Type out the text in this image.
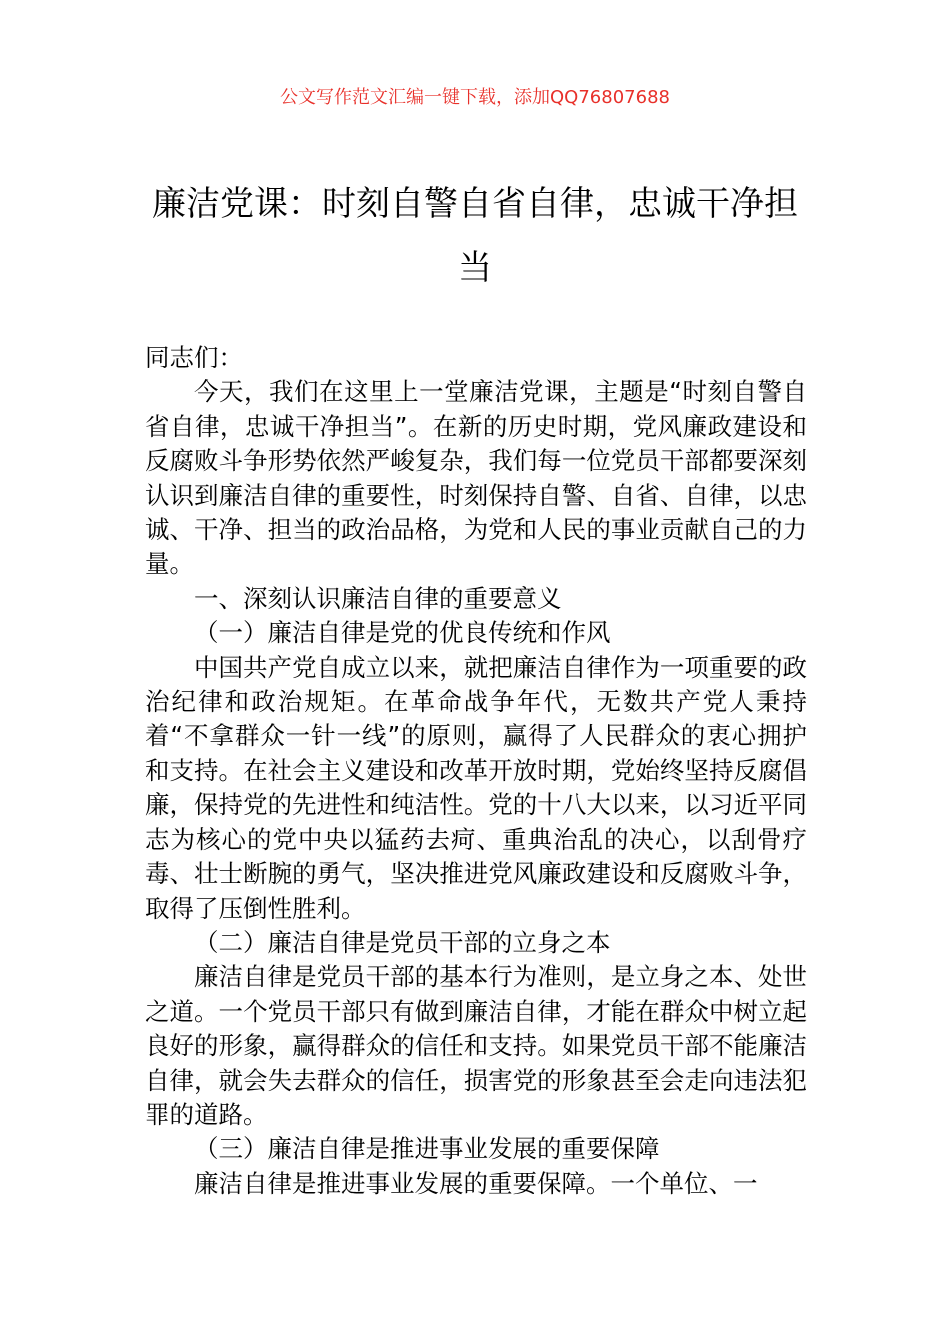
公文写作范文汇编一键下载，添加QQ76807688

廉洁党课：时刻自警自省自律，忠诚干净担当

同志们：

今天，我们在这里上一堂廉洁党课，主题是“时刻自警自省自律，忠诚干净担当”。在新的历史时期，党风廉政建设和反腐败斗争形势依然严峻复杂，我们每一位党员干部都要深刻认识到廉洁自律的重要性，时刻保持自警、自省、自律，以忠诚、干净、担当的政治品格，为党和人民的事业贡献自己的力量。

一、深刻认识廉洁自律的重要意义

（一）廉洁自律是党的优良传统和作风

中国共产党自成立以来，就把廉洁自律作为一项重要的政治纪律和政治规矩。在革命战争年代，无数共产党人秉持着“不拿群众一针一线”的原则，赢得了人民群众的衷心拥护和支持。在社会主义建设和改革开放时期，党始终坚持反腐倡廉，保持党的先进性和纯洁性。党的十八大以来，以习近平同志为核心的党中央以猛药去疴、重典治乱的决心，以刮骨疗毒、壮士断腕的勇气，坚决推进党风廉政建设和反腐败斗争，取得了压倒性胜利。

（二）廉洁自律是党员干部的立身之本

廉洁自律是党员干部的基本行为准则，是立身之本、处世之道。一个党员干部只有做到廉洁自律，才能在群众中树立起良好的形象，赢得群众的信任和支持。如果党员干部不能廉洁自律，就会失去群众的信任，损害党的形象甚至会走向违法犯罪的道路。

（三）廉洁自律是推进事业发展的重要保障

廉洁自律是推进事业发展的重要保障。一个单位、一
